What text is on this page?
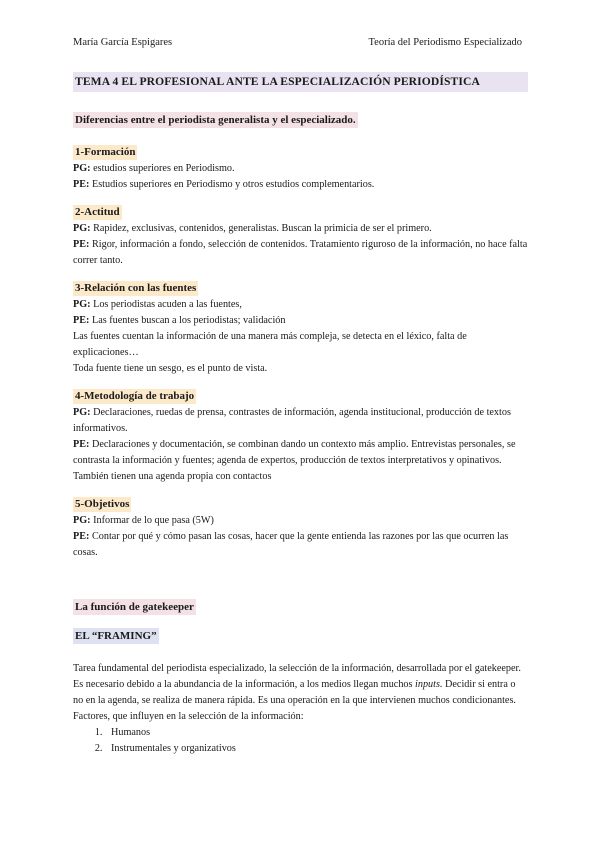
María García Espigares	Teoría del Periodismo Especializado
TEMA 4 EL PROFESIONAL ANTE LA ESPECIALIZACIÓN PERIODÍSTICA
Diferencias entre el periodista generalista y el especializado.
1-Formación

PG: estudios superiores en Periodismo.

PE: Estudios superiores en Periodismo y otros estudios complementarios.

2-Actitud

PG: Rapidez, exclusivas, contenidos, generalistas. Buscan la primicia de ser el primero.

PE: Rigor, información a fondo, selección de contenidos. Tratamiento riguroso de la información, no hace falta correr tanto.

3-Relación con las fuentes

PG: Los periodistas acuden a las fuentes,

PE: Las fuentes buscan a los periodistas; validación

Las fuentes cuentan la información de una manera más compleja, se detecta en el léxico, falta de explicaciones…

Toda fuente tiene un sesgo, es el punto de vista.

4-Metodología de trabajo

PG: Declaraciones, ruedas de prensa, contrastes de información, agenda institucional, producción de textos informativos.

PE: Declaraciones y documentación, se combinan dando un contexto más amplio. Entrevistas personales, se contrasta la información y fuentes; agenda de expertos, producción de textos interpretativos y opinativos. También tienen una agenda propia con contactos

5-Objetivos

PG: Informar de lo que pasa (5W)

PE: Contar por qué y cómo pasan las cosas, hacer que la gente entienda las razones por las que ocurren las cosas.

La función de gatekeeper
EL “FRAMING”

Tarea fundamental del periodista especializado, la selección de la información, desarrollada por el gatekeeper. Es necesario debido a la abundancia de la información, a los medios llegan muchos inputs. Decidir si entra o no en la agenda, se realiza de manera rápida. Es una operación en la que intervienen muchos condicionantes.

Factores, que influyen en la selección de la información:

1. Humanos
2. Instrumentales y organizativos
